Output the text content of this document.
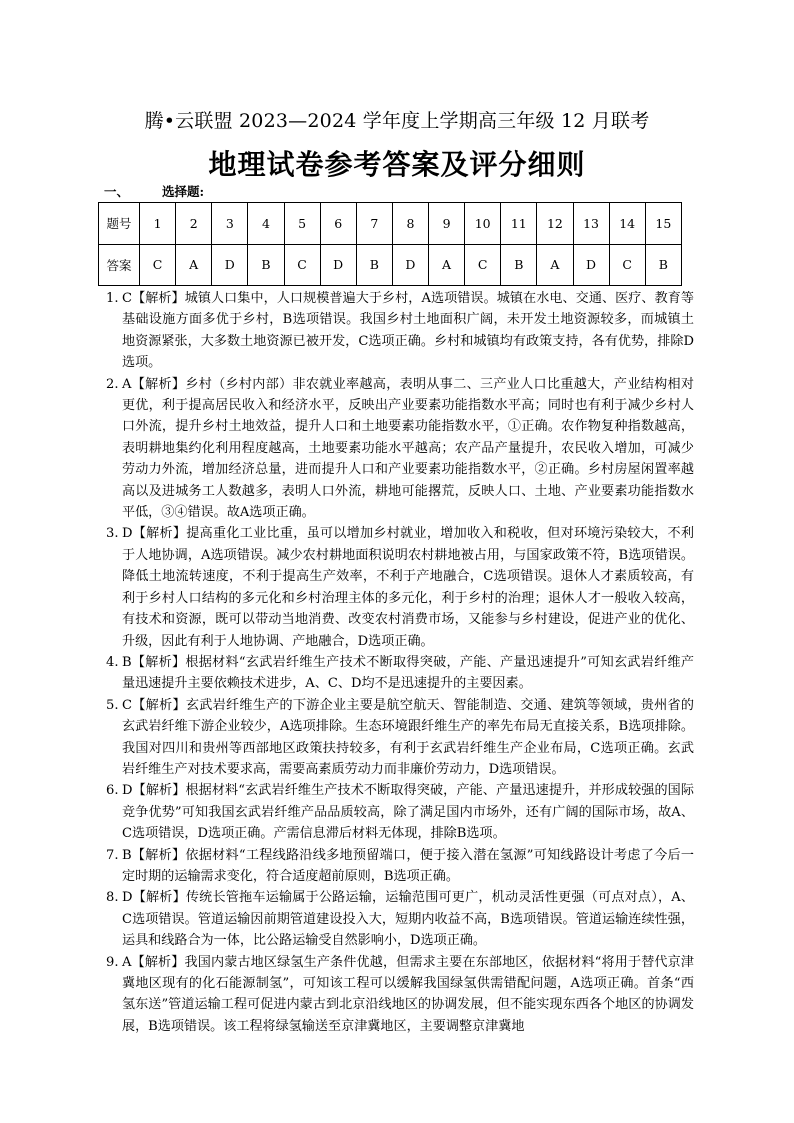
腾•云联盟 2023—2024 学年度上学期高三年级 12 月联考
地理试卷参考答案及评分细则
一、	选择题:
题号	1	2	3	4	5	6	7	8	9	10	11	12	13	14	15
答案	C	A	D	B	C	D	B	D	A	C	B	A	D	C	B
1. C【解析】城镇人口集中，人口规模普遍大于乡村，A选项错误。城镇在水电、交通、医疗、教育等基础设施方面多优于乡村，B选项错误。我国乡村土地面积广阔，未开发土地资源较多，而城镇土地资源紧张，大多数土地资源已被开发，C选项正确。乡村和城镇均有政策支持，各有优势，排除D选项。
2. A【解析】乡村（乡村内部）非农就业率越高，表明从事二、三产业人口比重越大，产业结构相对更优，利于提高居民收入和经济水平，反映出产业要素功能指数水平高；同时也有利于减少乡村人口外流，提升乡村土地效益，提升人口和土地要素功能指数水平，①正确。农作物复种指数越高，表明耕地集约化利用程度越高，土地要素功能水平越高；农产品产量提升，农民收入增加，可减少劳动力外流，增加经济总量，进而提升人口和产业要素功能指数水平，②正确。乡村房屋闲置率越高以及进城务工人数越多，表明人口外流，耕地可能撂荒，反映人口、土地、产业要素功能指数水平低，③④错误。故A选项正确。
3. D【解析】提高重化工业比重，虽可以增加乡村就业，增加收入和税收，但对环境污染较大，不利于人地协调，A选项错误。减少农村耕地面积说明农村耕地被占用，与国家政策不符，B选项错误。降低土地流转速度，不利于提高生产效率，不利于产地融合，C选项错误。退休人才素质较高，有利于乡村人口结构的多元化和乡村治理主体的多元化，利于乡村的治理；退休人才一般收入较高，有技术和资源，既可以带动当地消费、改变农村消费市场，又能参与乡村建设，促进产业的优化、升级，因此有利于人地协调、产地融合，D选项正确。
4. B【解析】根据材料“玄武岩纤维生产技术不断取得突破，产能、产量迅速提升”可知玄武岩纤维产量迅速提升主要依赖技术进步，A、C、D均不是迅速提升的主要因素。
5. C【解析】玄武岩纤维生产的下游企业主要是航空航天、智能制造、交通、建筑等领域，贵州省的玄武岩纤维下游企业较少，A选项排除。生态环境跟纤维生产的率先布局无直接关系，B选项排除。我国对四川和贵州等西部地区政策扶持较多，有利于玄武岩纤维生产企业布局，C选项正确。玄武岩纤维生产对技术要求高，需要高素质劳动力而非廉价劳动力，D选项错误。
6. D【解析】根据材料“玄武岩纤维生产技术不断取得突破，产能、产量迅速提升，并形成较强的国际竞争优势”可知我国玄武岩纤维产品品质较高，除了满足国内市场外，还有广阔的国际市场，故A、C选项错误，D选项正确。产需信息滞后材料无体现，排除B选项。
7. B【解析】依据材料“工程线路沿线多地预留端口，便于接入潜在氢源”可知线路设计考虑了今后一定时期的运输需求变化，符合适度超前原则，B选项正确。
8. D【解析】传统长管拖车运输属于公路运输，运输范围可更广，机动灵活性更强（可点对点），A、C选项错误。管道运输因前期管道建设投入大，短期内收益不高，B选项错误。管道运输连续性强，运具和线路合为一体，比公路运输受自然影响小，D选项正确。
9. A【解析】我国内蒙古地区绿氢生产条件优越，但需求主要在东部地区，依据材料“将用于替代京津冀地区现有的化石能源制氢”，可知该工程可以缓解我国绿氢供需错配问题，A选项正确。首条“西氢东送”管道运输工程可促进内蒙古到北京沿线地区的协调发展，但不能实现东西各个地区的协调发展，B选项错误。该工程将绿氢输送至京津冀地区，主要调整京津冀地
